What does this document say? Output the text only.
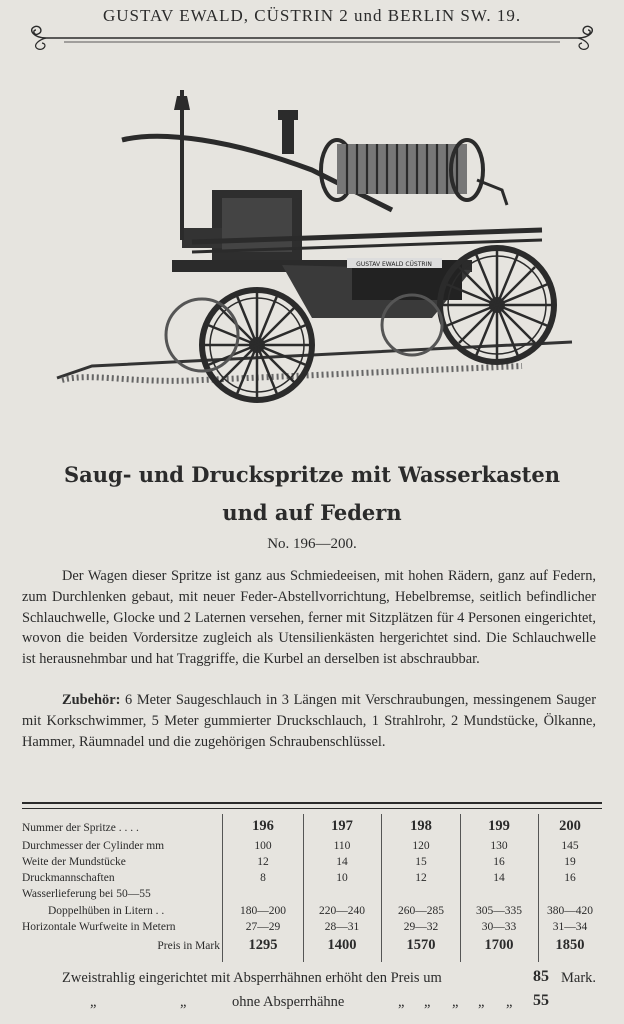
GUSTAV EWALD, CÜSTRIN 2 und BERLIN SW. 19.
GUSTAV EWALD CÜSTRIN
Saug- und Druckspritze mit Wasserkasten
und auf Federn
No. 196—200.

Der Wagen dieser Spritze ist ganz aus Schmiedeeisen, mit hohen Rädern, ganz auf Federn, zum Durchlenken gebaut, mit neuer Feder-Abstellvorrichtung, Hebelbremse, seitlich befindlicher Schlauchwelle, Glocke und 2 Laternen versehen, ferner mit Sitzplätzen für 4 Personen eingerichtet, wovon die beiden Vordersitze zugleich als Utensilienkästen hergerichtet sind. Die Schlauchwelle ist herausnehmbar und hat Traggriffe, die Kurbel an derselben ist abschraubbar.

Zubehör: 6 Meter Saugeschlauch in 3 Längen mit Verschraubungen, messingenem Sauger mit Korkschwimmer, 5 Meter gummierter Druckschlauch, 1 Strahlrohr, 2 Mundstücke, Ölkanne, Hammer, Räumnadel und die zugehörigen Schraubenschlüssel.

Nummer der Spritze . . . .	196	197	198	199	200
Durchmesser der Cylinder mm	100	110	120	130	145
Weite der Mundstücke	12	14	15	16	19
Druckmannschaften	8	10	12	14	16
Wasserlieferung bei 50—55
Doppelhüben in Litern . .	180—200	220—240	260—285	305—335	380—420
Horizontale Wurfweite in Metern	27—29	28—31	29—32	30—33	31—34
Preis in Mark	1295	1400	1570	1700	1850
Zweistrahlig eingerichtet mit Absperrhähnen erhöht den Preis um	85 Mark.
„	„	ohne Absperrhähne	„ „ „ „ „ 55
